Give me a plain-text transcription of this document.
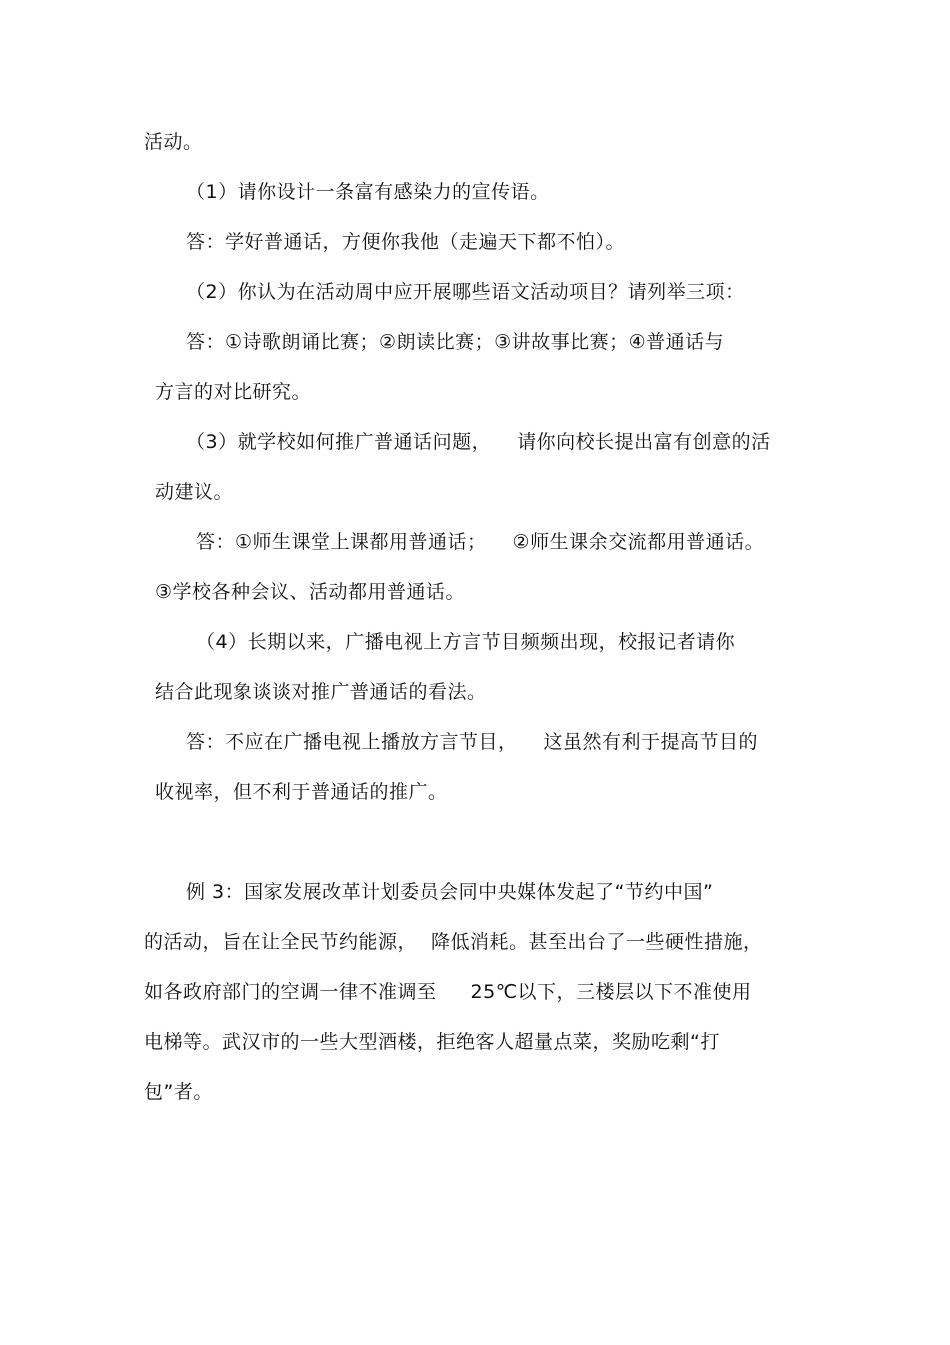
活动。
（1）请你设计一条富有感染力的宣传语。
答：学好普通话，方便你我他（走遍天下都不怕）。
（2）你认为在活动周中应开展哪些语文活动项目？请列举三项：
答：①诗歌朗诵比赛；②朗读比赛；③讲故事比赛；④普通话与
方言的对比研究。
（3）就学校如何推广普通话问题， 请你向校长提出富有创意的活
动建议。
答：①师生课堂上课都用普通话； ②师生课余交流都用普通话。
③学校各种会议、活动都用普通话。
（4）长期以来，广播电视上方言节目频频出现，校报记者请你
结合此现象谈谈对推广普通话的看法。
答：不应在广播电视上播放方言节目， 这虽然有利于提高节目的
收视率，但不利于普通话的推广。
例 3：国家发展改革计划委员会同中央媒体发起了“节约中国”
的活动，旨在让全民节约能源， 降低消耗。甚至出台了一些硬性措施，
如各政府部门的空调一律不准调至 25℃以下，三楼层以下不准使用
电梯等。武汉市的一些大型酒楼，拒绝客人超量点菜，奖励吃剩“打
包”者。
